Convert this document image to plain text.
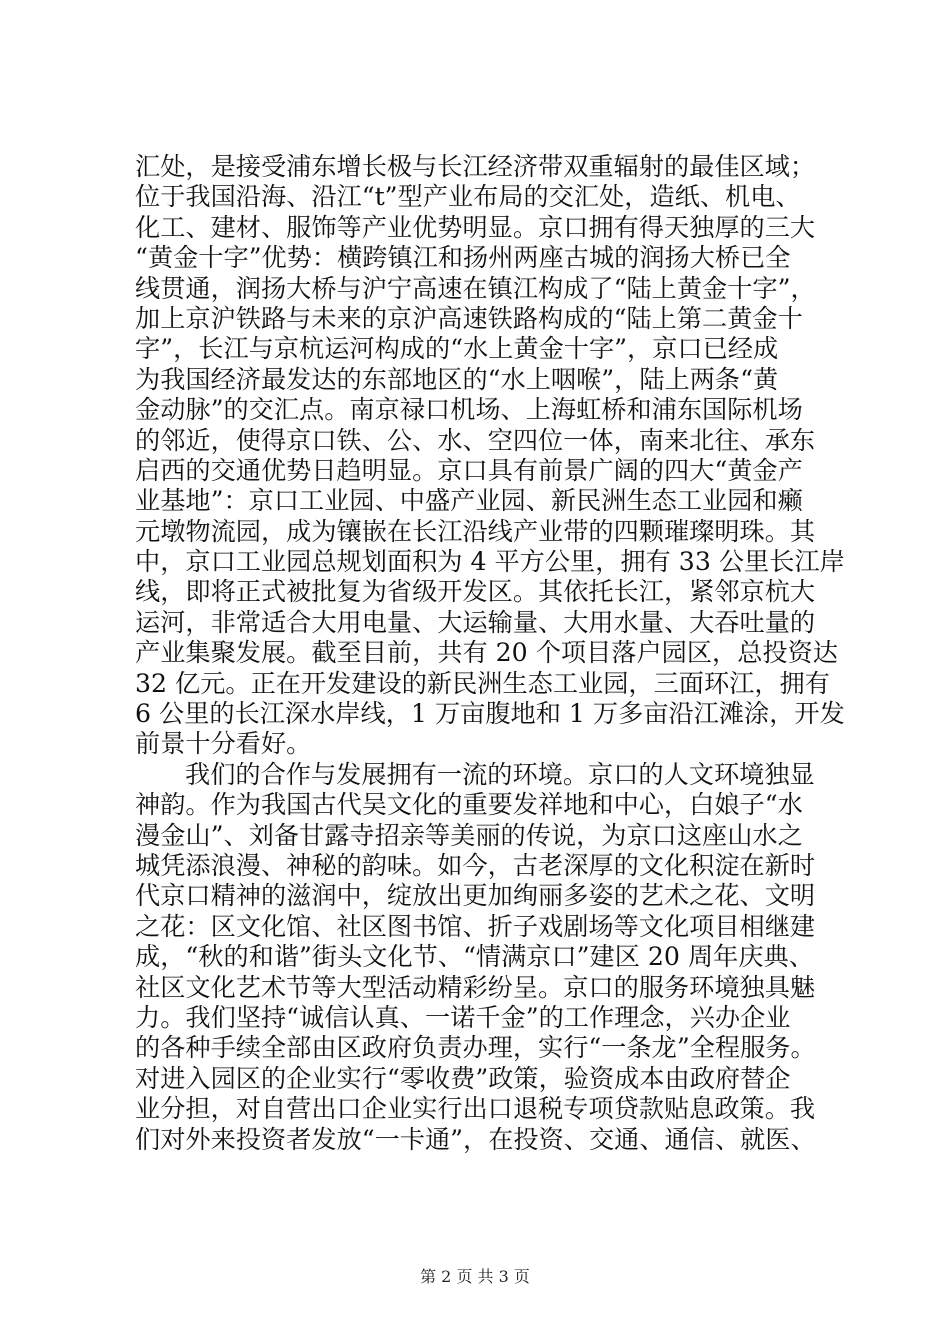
汇处，是接受浦东增长极与长江经济带双重辐射的最佳区域；
位于我国沿海、沿江“t”型产业布局的交汇处，造纸、机电、
化工、建材、服饰等产业优势明显。京口拥有得天独厚的三大
“黄金十字”优势：横跨镇江和扬州两座古城的润扬大桥已全
线贯通，润扬大桥与沪宁高速在镇江构成了“陆上黄金十字”，
加上京沪铁路与未来的京沪高速铁路构成的“陆上第二黄金十
字”，长江与京杭运河构成的“水上黄金十字”，京口已经成
为我国经济最发达的东部地区的“水上咽喉”，陆上两条“黄
金动脉”的交汇点。南京禄口机场、上海虹桥和浦东国际机场
的邻近，使得京口铁、公、水、空四位一体，南来北往、承东
启西的交通优势日趋明显。京口具有前景广阔的四大“黄金产
业基地”：京口工业园、中盛产业园、新民洲生态工业园和癞
元墩物流园，成为镶嵌在长江沿线产业带的四颗璀璨明珠。其
中，京口工业园总规划面积为 4 平方公里，拥有 33 公里长江岸
线，即将正式被批复为省级开发区。其依托长江，紧邻京杭大
运河，非常适合大用电量、大运输量、大用水量、大吞吐量的
产业集聚发展。截至目前，共有 20 个项目落户园区，总投资达
32 亿元。正在开发建设的新民洲生态工业园，三面环江，拥有
6 公里的长江深水岸线，1 万亩腹地和 1 万多亩沿江滩涂，开发
前景十分看好。
我们的合作与发展拥有一流的环境。京口的人文环境独显
神韵。作为我国古代吴文化的重要发祥地和中心，白娘子“水
漫金山”、刘备甘露寺招亲等美丽的传说，为京口这座山水之
城凭添浪漫、神秘的韵味。如今，古老深厚的文化积淀在新时
代京口精神的滋润中，绽放出更加绚丽多姿的艺术之花、文明
之花：区文化馆、社区图书馆、折子戏剧场等文化项目相继建
成，“秋的和谐”街头文化节、“情满京口”建区 20 周年庆典、
社区文化艺术节等大型活动精彩纷呈。京口的服务环境独具魅
力。我们坚持“诚信认真、一诺千金”的工作理念，兴办企业
的各种手续全部由区政府负责办理，实行“一条龙”全程服务。
对进入园区的企业实行“零收费”政策，验资成本由政府替企
业分担，对自营出口企业实行出口退税专项贷款贴息政策。我
们对外来投资者发放“一卡通”，在投资、交通、通信、就医、
第 2 页 共 3 页
